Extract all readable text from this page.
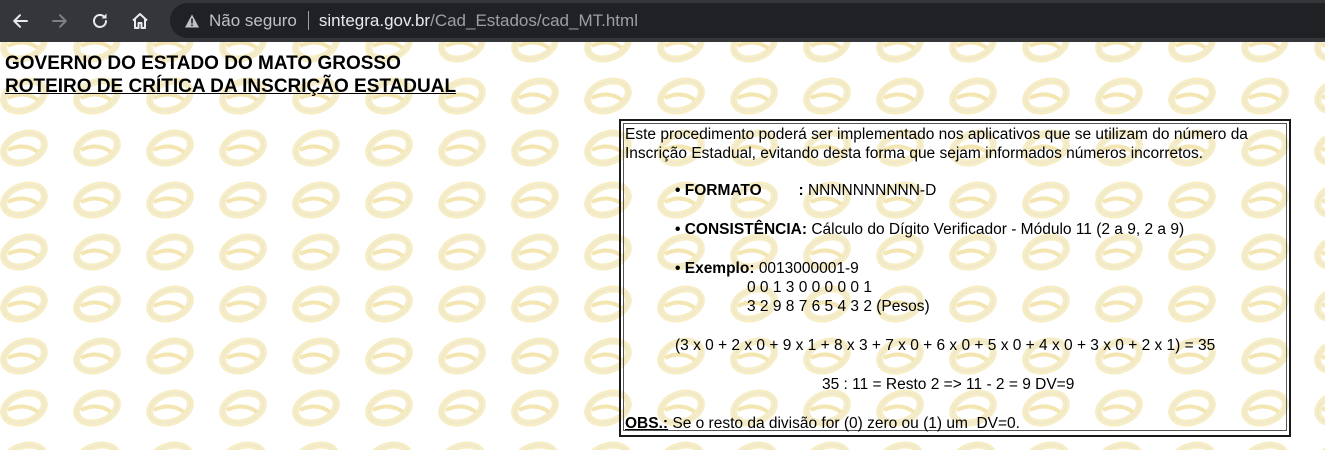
Não seguro sintegra.gov.br /Cad_Estados/cad_MT.html
GOVERNO DO ESTADO DO MATO GROSSO
ROTEIRO DE CRÍTICA DA INSCRIÇÃO ESTADUAL

Este procedimento poderá ser implementado nos aplicativos que se utilizam do número da Inscrição Estadual, evitando desta forma que sejam informados números incorretos.

• FORMATO : NNNNNNNNNN-D
• CONSISTÊNCIA: Cálculo do Dígito Verificador - Módulo 11 (2 a 9, 2 a 9)
• Exemplo: 0013000001-9
0 0 1 3 0 0 0 0 0 1
3 2 9 8 7 6 5 4 3 2 (Pesos)
(3 x 0 + 2 x 0 + 9 x 1 + 8 x 3 + 7 x 0 + 6 x 0 + 5 x 0 + 4 x 0 + 3 x 0 + 2 x 1) = 35
35 : 11 = Resto 2 => 11 - 2 = 9 DV=9
OBS.: Se o resto da divisão for (0) zero ou (1) um  DV=0.
